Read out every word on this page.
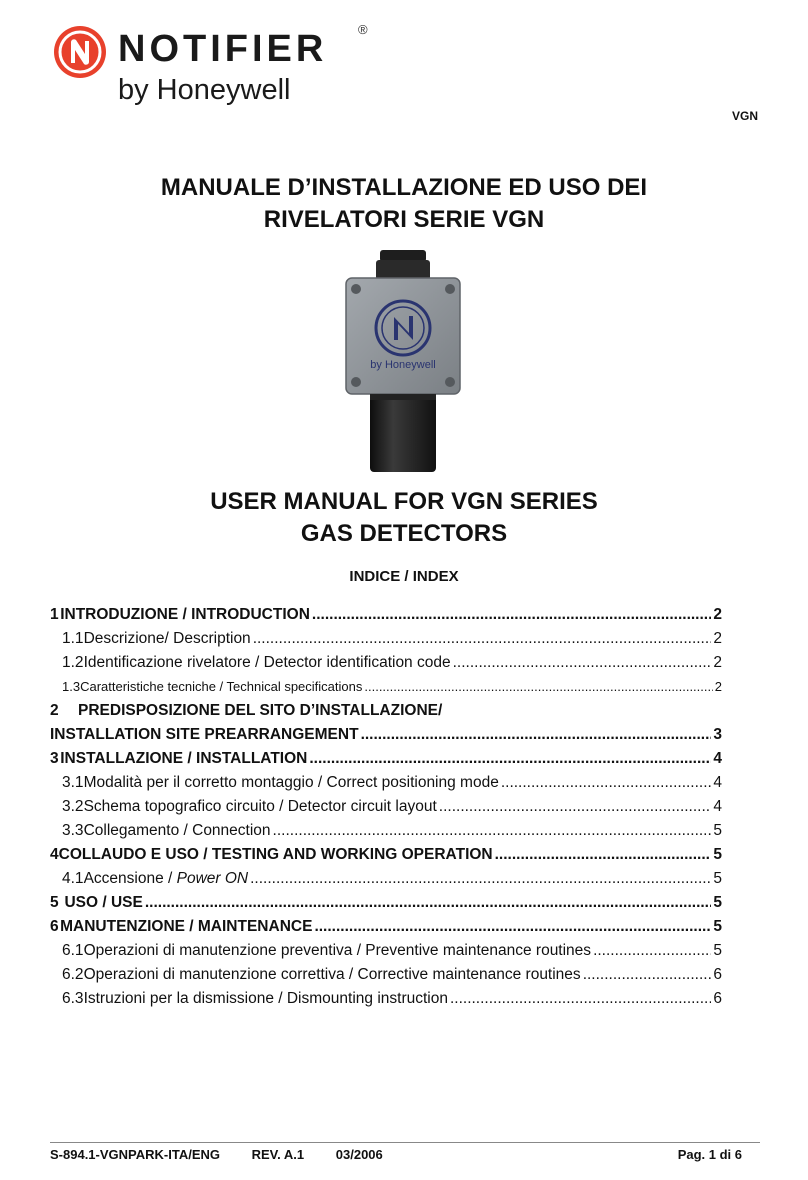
NOTIFIER ®
by Honeywell
VGN
MANUALE D’INSTALLAZIONE ED USO DEI
RIVELATORI SERIE VGN
by Honeywell
USER MANUAL FOR VGN SERIES
GAS DETECTORS
INDICE / INDEX
1 INTRODUZIONE / INTRODUCTION .....	2
1.1 Descrizione/ Description .....	2
1.2 Identificazione rivelatore / Detector identification code .....	2
1.3 Caratteristiche tecniche / Technical specifications .....	2
2 PREDISPOSIZIONE DEL SITO D’INSTALLAZIONE/
INSTALLATION SITE PREARRANGEMENT .....	3
3 INSTALLAZIONE / INSTALLATION .....	4
3.1 Modalità per il corretto montaggio / Correct positioning mode .....	4
3.2 Schema topografico circuito / Detector circuit layout .....	4
3.3 Collegamento / Connection .....	5
4 COLLAUDO E USO / TESTING AND WORKING OPERATION .....	5
4.1 Accensione / Power ON .....	5
5 USO / USE .....	5
6 MANUTENZIONE / MAINTENANCE .....	5
6.1 Operazioni di manutenzione preventiva / Preventive maintenance routines .....	5
6.2 Operazioni di manutenzione correttiva / Corrective maintenance routines .....	6
6.3 Istruzioni per la dismissione / Dismounting instruction .....	6
S-894.1-VGNPARK-ITA/ENG REV. A.1 03/2006	Pag. 1 di 6
